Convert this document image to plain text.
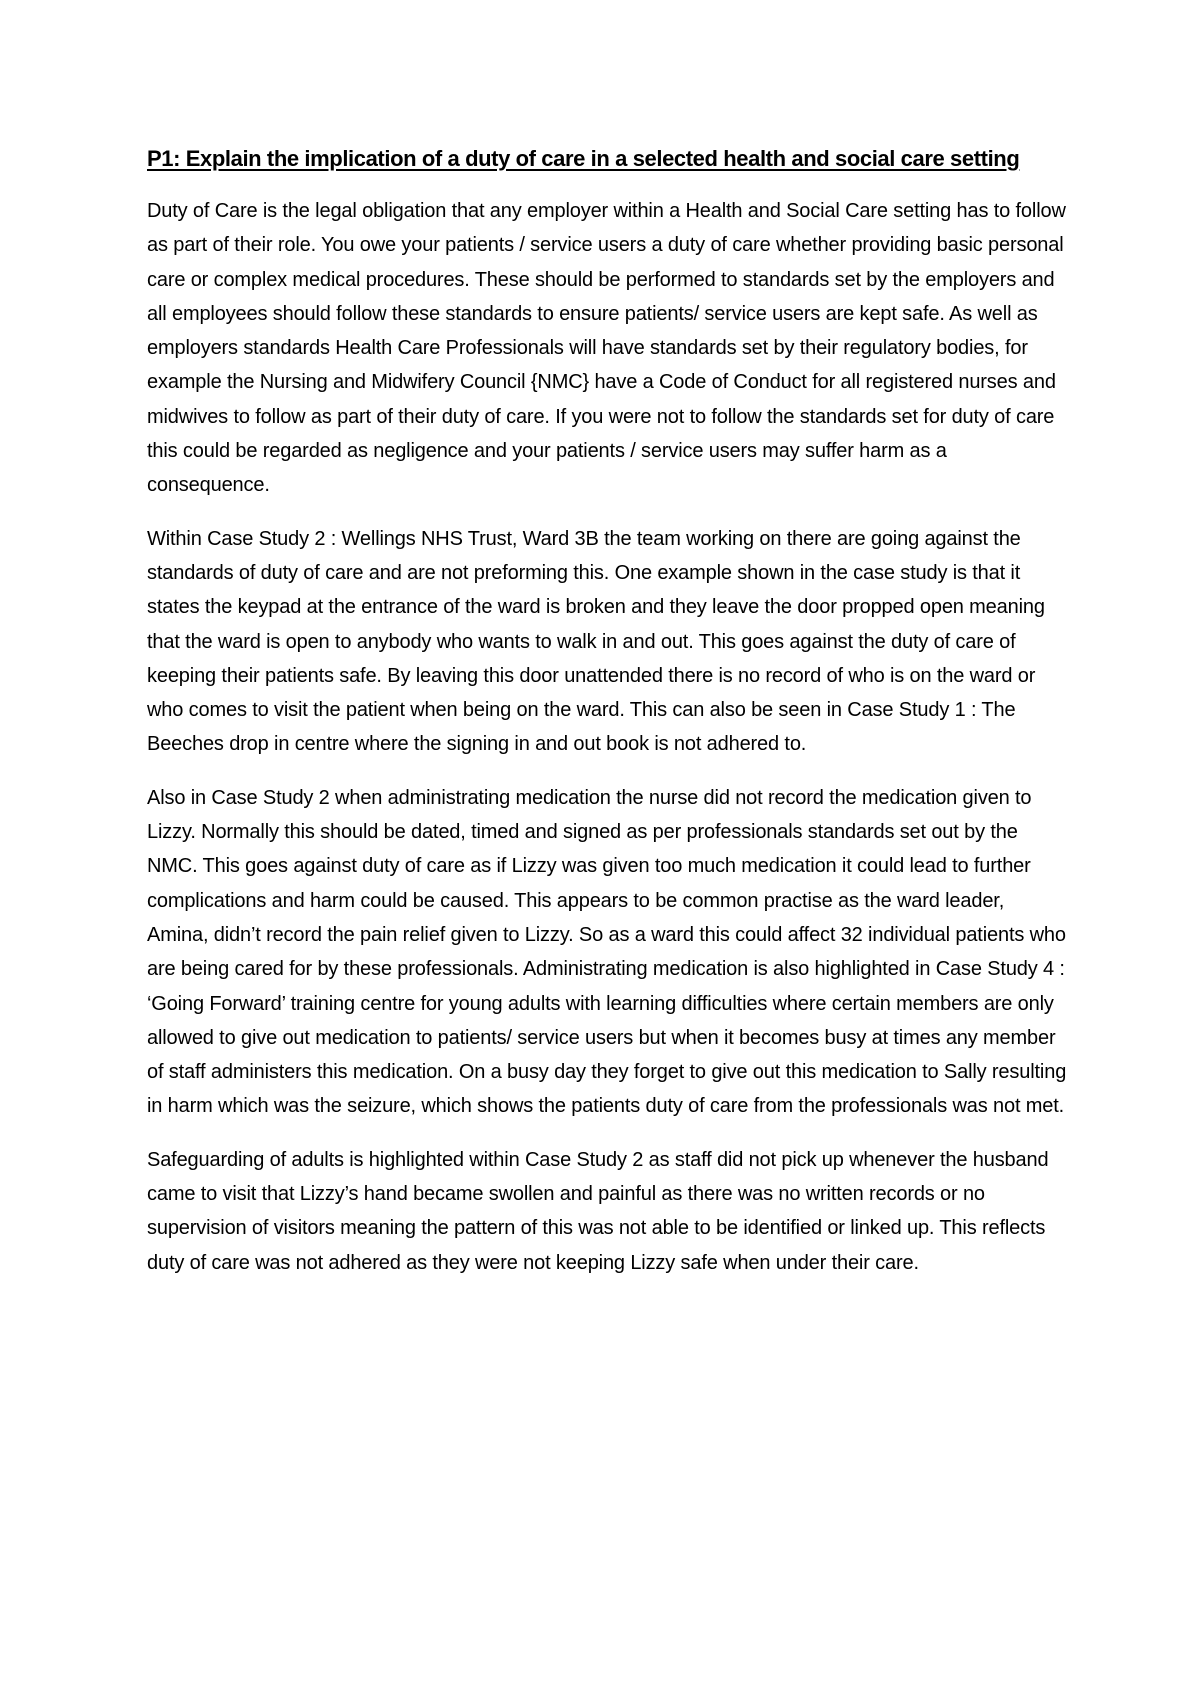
P1: Explain the implication of a duty of care in a selected health and social care setting

Duty of Care is the legal obligation that any employer within a Health and Social Care setting has to follow as part of their role. You owe your patients / service users a duty of care whether providing basic personal care or complex medical procedures. These should be performed to standards set by the employers and all employees should follow these standards to ensure patients/ service users are kept safe. As well as employers standards Health Care Professionals will have standards set by their regulatory bodies, for example the Nursing and Midwifery Council {NMC} have a Code of Conduct for all registered nurses and midwives to follow as part of their duty of care. If you were not to follow the standards set for duty of care this could be regarded as negligence and your patients / service users may suffer harm as a consequence.

Within Case Study 2 : Wellings NHS Trust, Ward 3B the team working on there are going against the standards of duty of care and are not preforming this. One example shown in the case study is that it states the keypad at the entrance of the ward is broken and they leave the door propped open meaning that the ward is open to anybody who wants to walk in and out. This goes against the duty of care of keeping their patients safe. By leaving this door unattended there is no record of who is on the ward or who comes to visit the patient when being on the ward. This can also be seen in Case Study 1 : The Beeches drop in centre where the signing in and out book is not adhered to.

Also in Case Study 2 when administrating medication the nurse did not record the medication given to Lizzy. Normally this should be dated, timed and signed as per professionals standards set out by the NMC. This goes against duty of care as if Lizzy was given too much medication it could lead to further complications and harm could be caused. This appears to be common practise as the ward leader, Amina, didn’t record the pain relief given to Lizzy. So as a ward this could affect 32 individual patients who are being cared for by these professionals. Administrating medication is also highlighted in Case Study 4 : ‘Going Forward’ training centre for young adults with learning difficulties where certain members are only allowed to give out medication to patients/ service users but when it becomes busy at times any member of staff administers this medication. On a busy day they forget to give out this medication to Sally resulting in harm which was the seizure, which shows the patients duty of care from the professionals was not met.

Safeguarding of adults is highlighted within Case Study 2 as staff did not pick up whenever the husband came to visit that Lizzy’s hand became swollen and painful as there was no written records or no supervision of visitors meaning the pattern of this was not able to be identified or linked up. This reflects duty of care was not adhered as they were not keeping Lizzy safe when under their care.
